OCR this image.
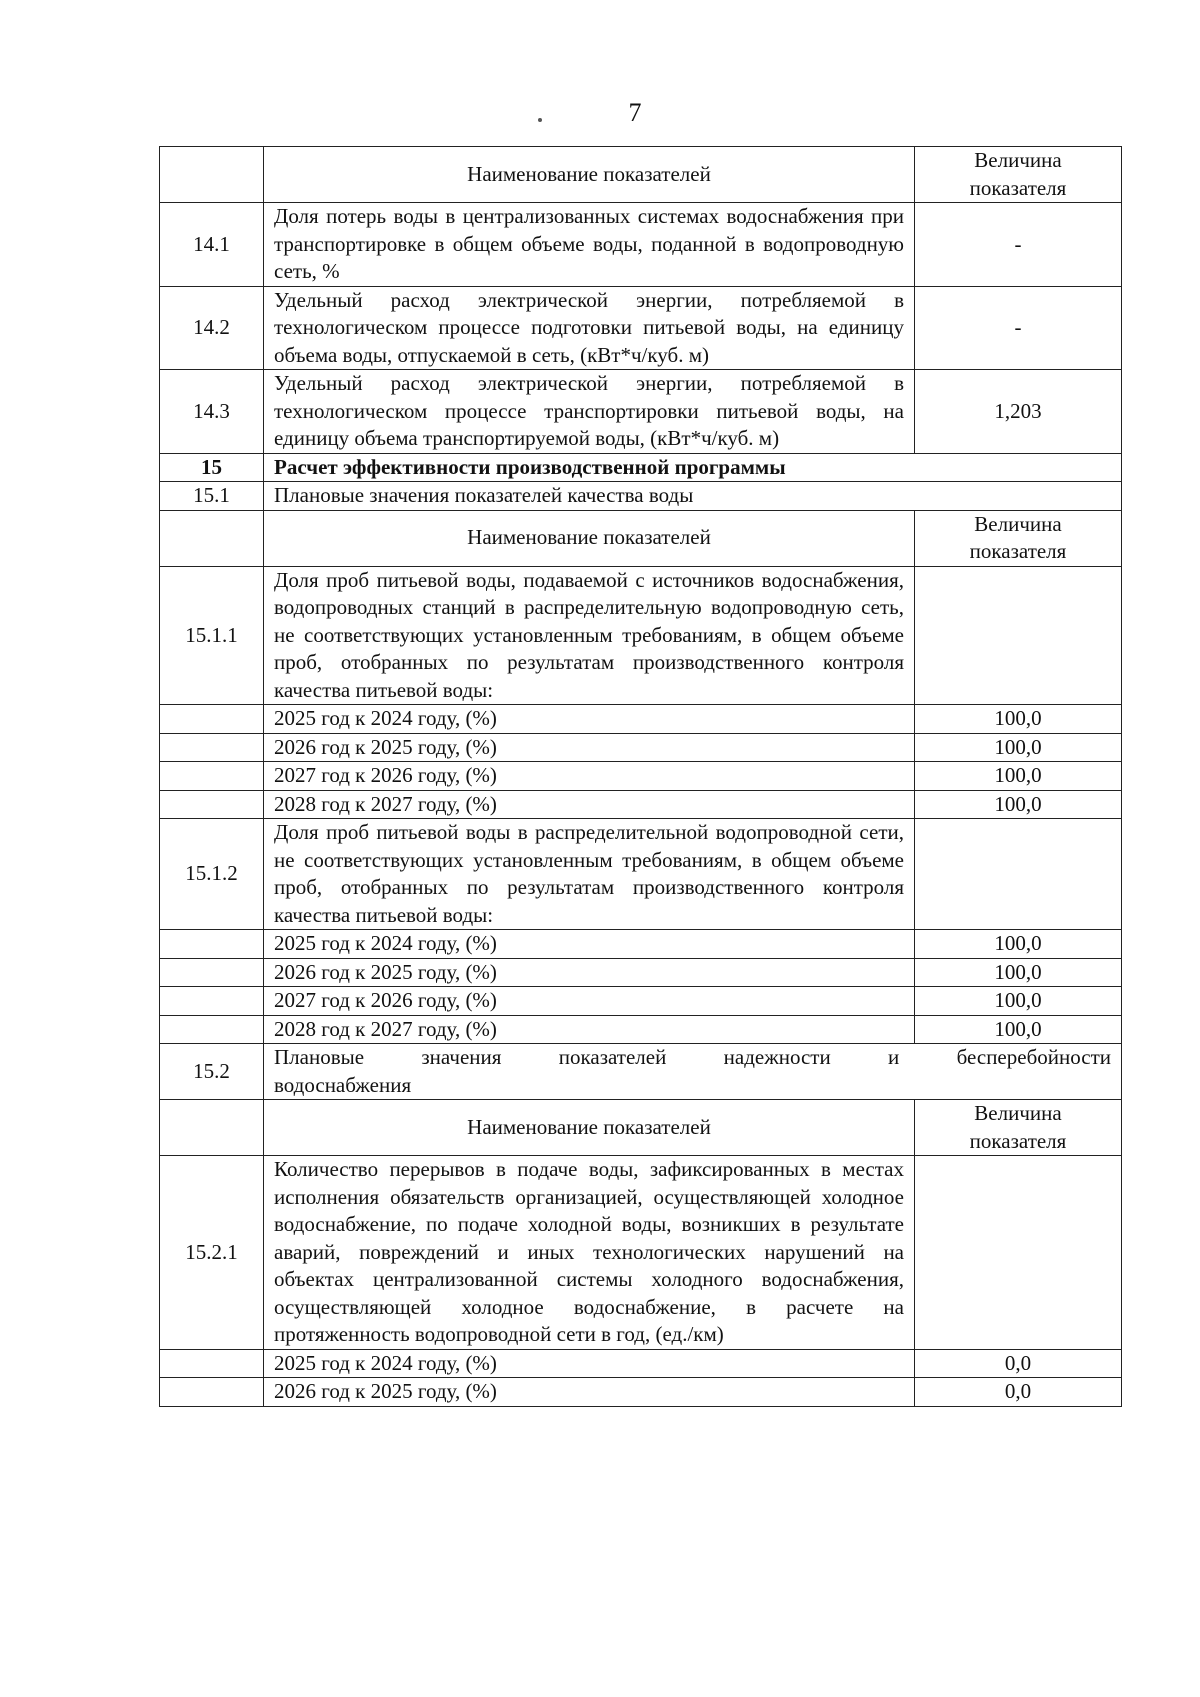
7
	Наименование показателей	Величина показателя
14.1	Доля потерь воды в централизованных системах водоснабжения при транспортировке в общем объеме воды, поданной в водопроводную сеть, %	-
14.2	Удельный расход электрической энергии, потребляемой в технологическом процессе подготовки питьевой воды, на единицу объема воды, отпускаемой в сеть, (кВт*ч/куб. м)	-
14.3	Удельный расход электрической энергии, потребляемой в технологическом процессе транспортировки питьевой воды, на единицу объема транспортируемой воды, (кВт*ч/куб. м)	1,203
15	Расчет эффективности производственной программы	
15.1	Плановые значения показателей качества воды	
	Наименование показателей	Величина показателя
15.1.1	Доля проб питьевой воды, подаваемой с источников водоснабжения, водопроводных станций в распределительную водопроводную сеть, не соответствующих установленным требованиям, в общем объеме проб, отобранных по результатам производственного контроля качества питьевой воды:	
	2025 год к 2024 году, (%)	100,0
	2026 год к 2025 году, (%)	100,0
	2027 год к 2026 году, (%)	100,0
	2028 год к 2027 году, (%)	100,0
15.1.2	Доля проб питьевой воды в распределительной водопроводной сети, не соответствующих установленным требованиям, в общем объеме проб, отобранных по результатам производственного контроля качества питьевой воды:	
	2025 год к 2024 году, (%)	100,0
	2026 год к 2025 году, (%)	100,0
	2027 год к 2026 году, (%)	100,0
	2028 год к 2027 году, (%)	100,0
15.2	Плановые значения показателей надежности и бесперебойности
водоснабжения	

	Наименование показателей	Величина показателя
15.2.1	Количество перерывов в подаче воды, зафиксированных в местах исполнения обязательств организацией, осуществляющей холодное водоснабжение, по подаче холодной воды, возникших в результате аварий, повреждений и иных технологических нарушений на объектах централизованной системы холодного водоснабжения, осуществляющей холодное водоснабжение, в расчете на протяженность водопроводной сети в год, (ед./км)	
	2025 год к 2024 году, (%)	0,0
	2026 год к 2025 году, (%)	0,0
